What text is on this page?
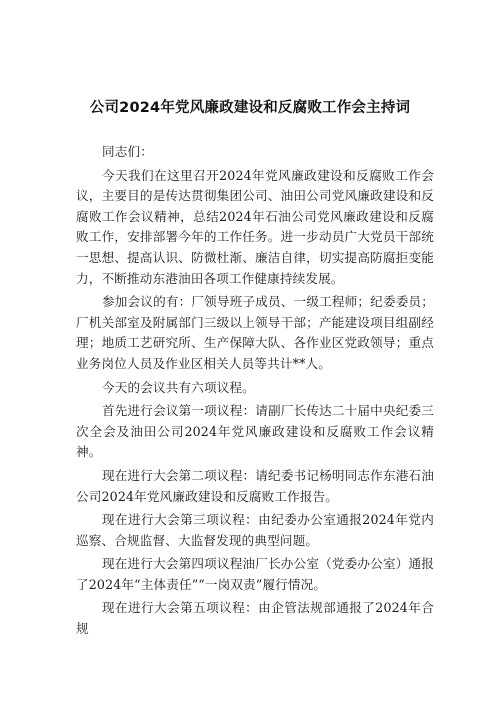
公司2024年党风廉政建设和反腐败工作会主持词

同志们：

今天我们在这里召开2024年党风廉政建设和反腐败工作会议，主要目的是传达贯彻集团公司、油田公司党风廉政建设和反腐败工作会议精神，总结2024年石油公司党风廉政建设和反腐败工作，安排部署今年的工作任务。进一步动员广大党员干部统一思想、提高认识、防微杜渐、廉洁自律，切实提高防腐拒变能力，不断推动东港油田各项工作健康持续发展。

参加会议的有：厂领导班子成员、一级工程师；纪委委员；厂机关部室及附属部门三级以上领导干部；产能建设项目组副经理；地质工艺研究所、生产保障大队、各作业区党政领导；重点业务岗位人员及作业区相关人员等共计**人。

今天的会议共有六项议程。

首先进行会议第一项议程：请副厂长传达二十届中央纪委三次全会及油田公司2024年党风廉政建设和反腐败工作会议精神。

现在进行大会第二项议程：请纪委书记杨明同志作东港石油公司2024年党风廉政建设和反腐败工作报告。

现在进行大会第三项议程：由纪委办公室通报2024年党内巡察、合规监督、大监督发现的典型问题。

现在进行大会第四项议程油厂长办公室（党委办公室）通报了2024年“主体责任”“一岗双责”履行情况。

现在进行大会第五项议程：由企管法规部通报了2024年合规
